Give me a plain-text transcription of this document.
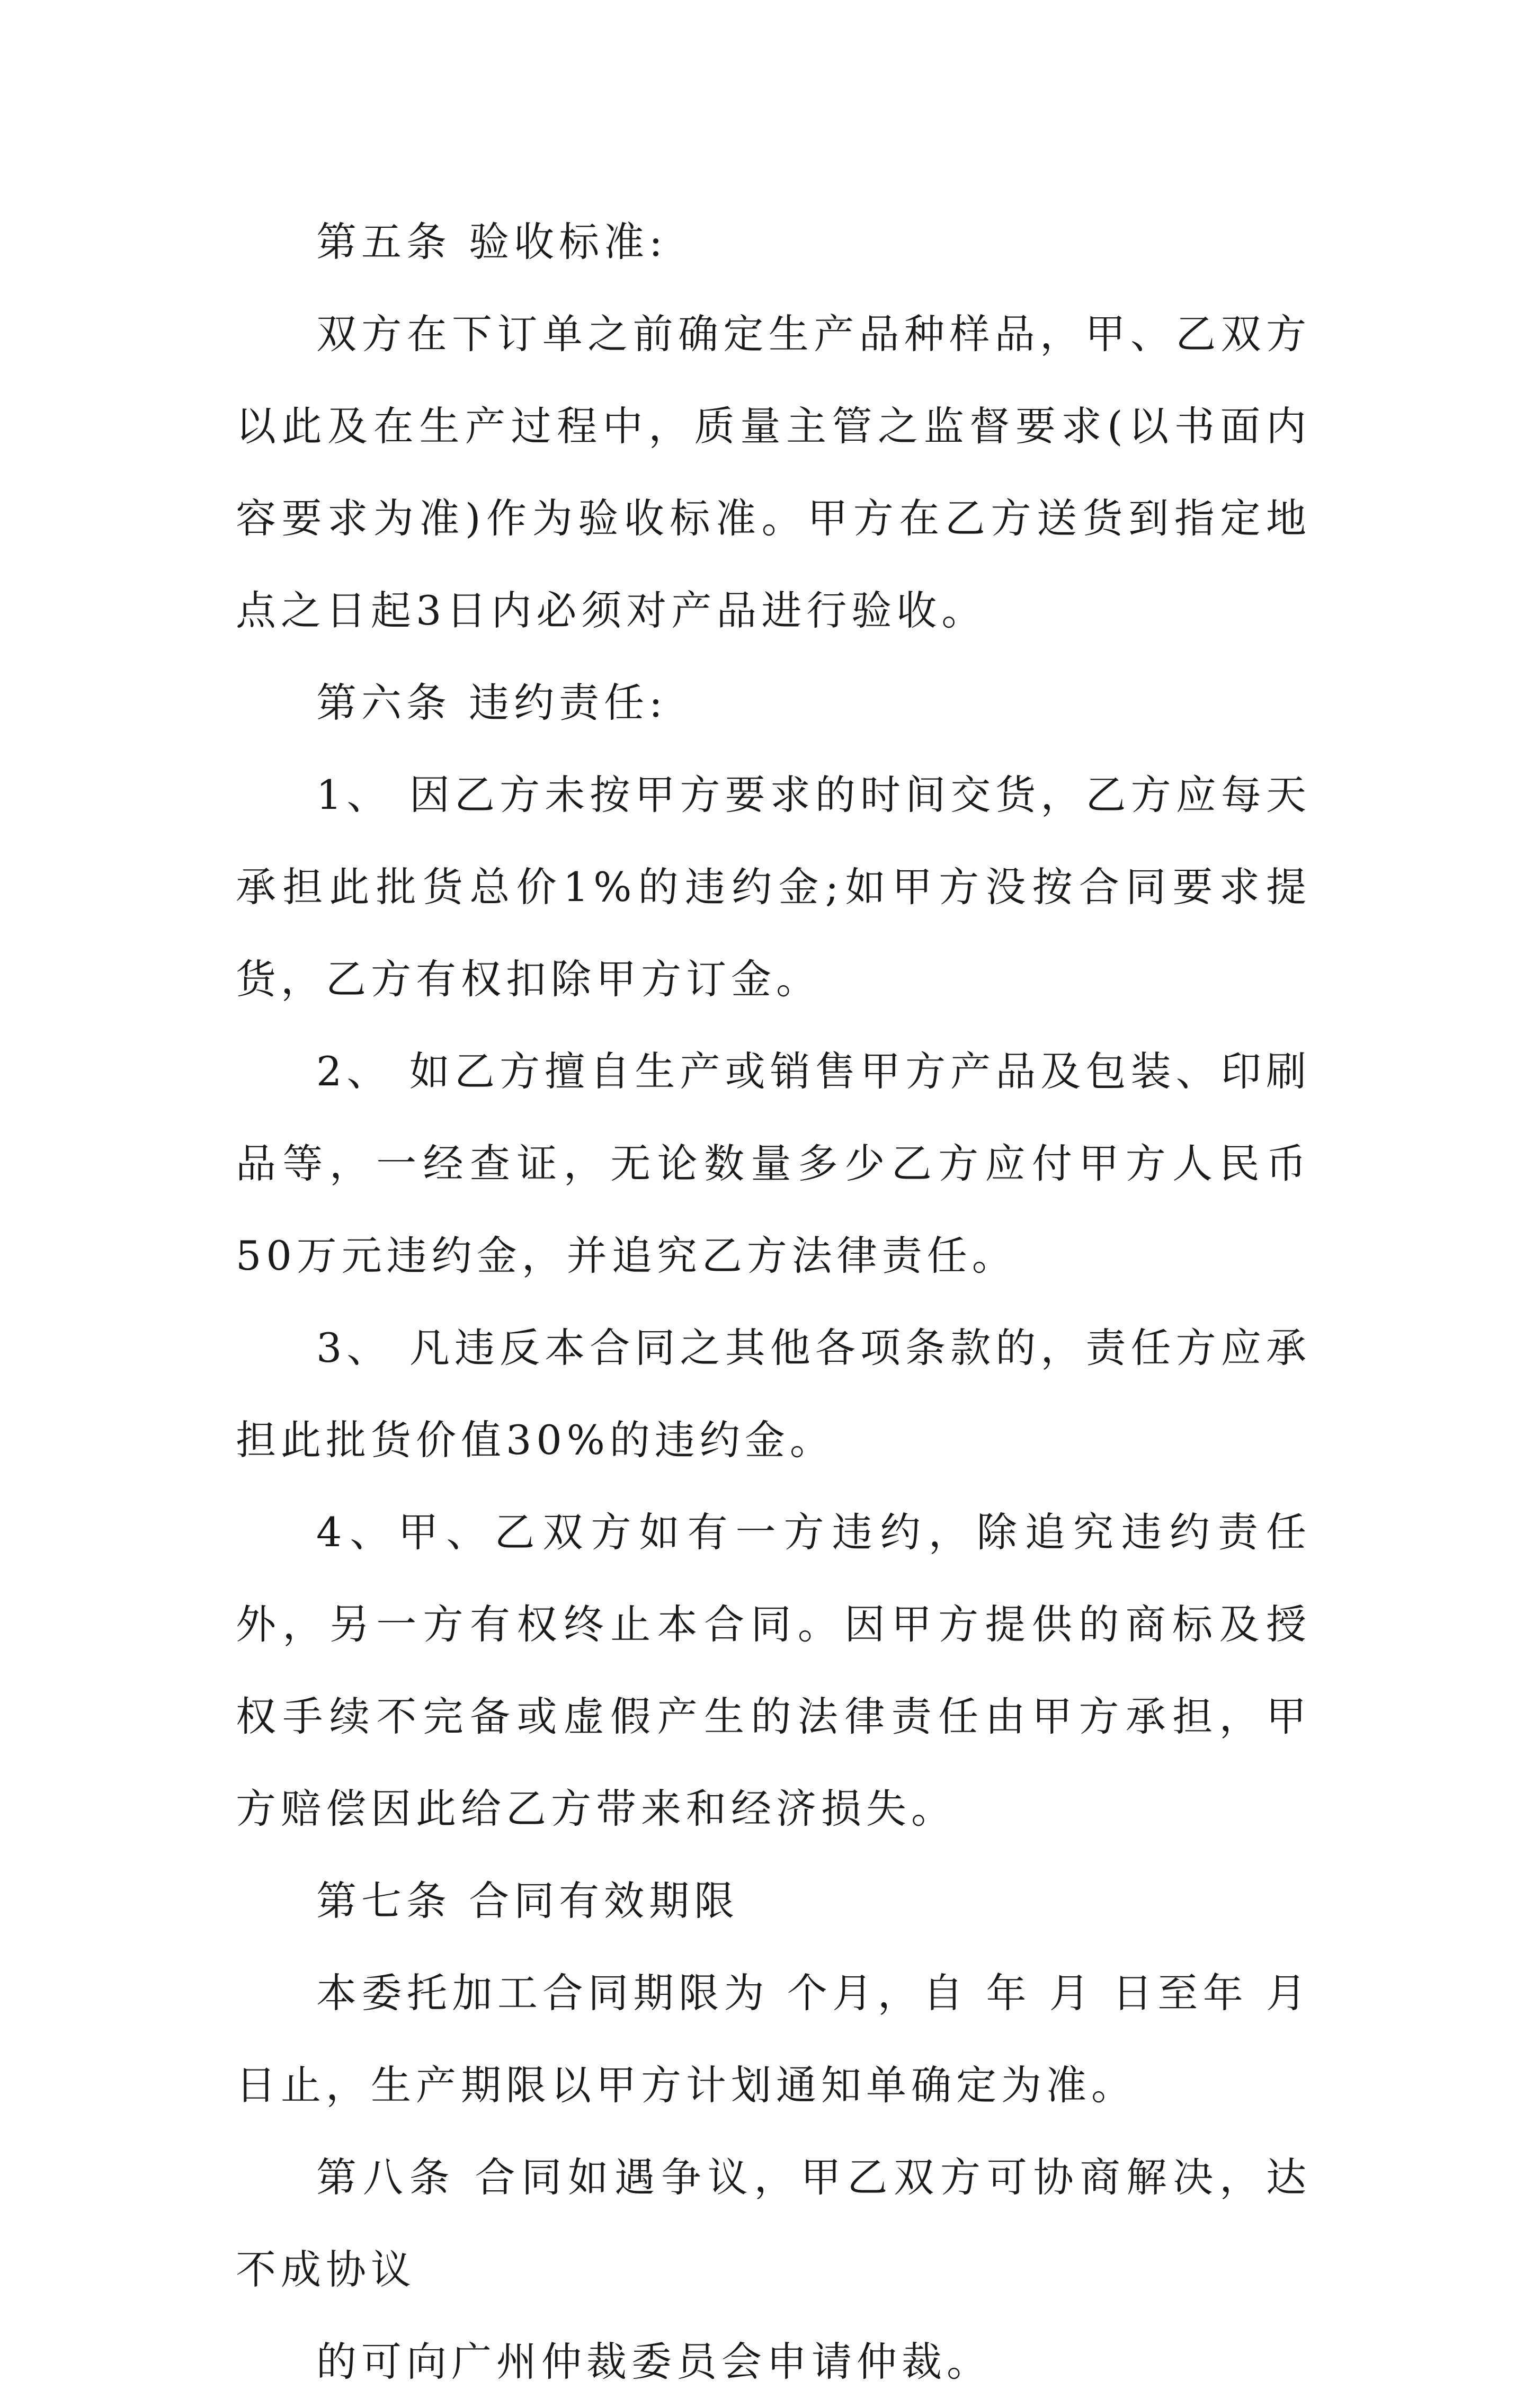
第五条 验收标准:

双方在下订单之前确定生产品种样品，甲、乙双方以此及在生产过程中，质量主管之监督要求(以书面内容要求为准)作为验收标准。甲方在乙方送货到指定地点之日起3日内必须对产品进行验收。

第六条 违约责任:

1、 因乙方未按甲方要求的时间交货，乙方应每天承担此批货总价1%的违约金;如甲方没按合同要求提货，乙方有权扣除甲方订金。

2、 如乙方擅自生产或销售甲方产品及包装、印刷品等，一经查证，无论数量多少乙方应付甲方人民币50万元违约金，并追究乙方法律责任。

3、 凡违反本合同之其他各项条款的，责任方应承担此批货价值30%的违约金。

4、甲、乙双方如有一方违约，除追究违约责任外，另一方有权终止本合同。因甲方提供的商标及授权手续不完备或虚假产生的法律责任由甲方承担，甲方赔偿因此给乙方带来和经济损失。

第七条 合同有效期限

本委托加工合同期限为 个月，自 年 月 日至年 月 日止，生产期限以甲方计划通知单确定为准。

第八条 合同如遇争议，甲乙双方可协商解决，达不成协议

的可向广州仲裁委员会申请仲裁。
